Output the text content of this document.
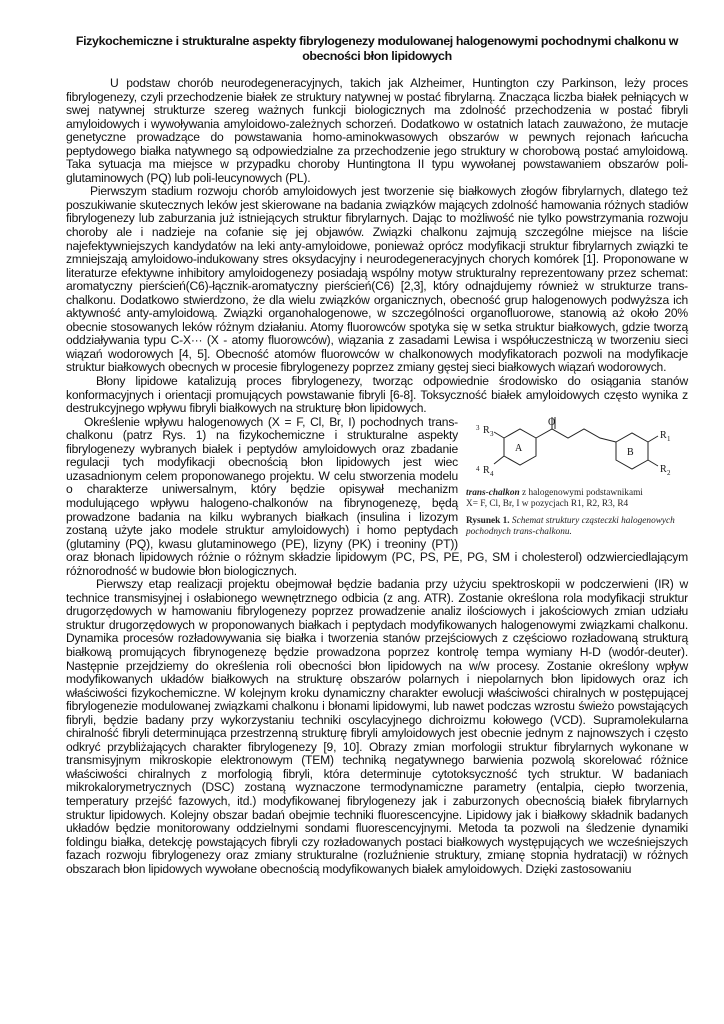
Fizykochemiczne i strukturalne aspekty fibrylogenezy modulowanej halogenowymi pochodnymi chalkonu w
obecności błon lipidowych

U podstaw chorób neurodegeneracyjnych, takich jak Alzheimer, Huntington czy Parkinson, leży proces fibrylogenezy, czyli przechodzenie białek ze struktury natywnej w postać fibrylarną. Znacząca liczba białek pełniących w swej natywnej strukturze szereg ważnych funkcji biologicznych ma zdolność przechodzenia w postać fibryli amyloidowych i wywoływania amyloidowo-zależnych schorzeń. Dodatkowo w ostatnich latach zauważono, że mutacje genetyczne prowadzące do powstawania homo-aminokwasowych obszarów w pewnych rejonach łańcucha peptydowego białka natywnego są odpowiedzialne za przechodzenie jego struktury w chorobową postać amyloidową. Taka sytuacja ma miejsce w przypadku choroby Huntingtona II typu wywołanej powstawaniem obszarów poli-glutaminowych (PQ) lub poli-leucynowych (PL).

Pierwszym stadium rozwoju chorób amyloidowych jest tworzenie się białkowych złogów fibrylarnych, dlatego też poszukiwanie skutecznych leków jest skierowane na badania związków mających zdolność hamowania różnych stadiów fibrylogenezy lub zaburzania już istniejących struktur fibrylarnych. Dając to możliwość nie tylko powstrzymania rozwoju choroby ale i nadzieje na cofanie się jej objawów. Związki chalkonu zajmują szczególne miejsce na liście najefektywniejszych kandydatów na leki anty-amyloidowe, ponieważ oprócz modyfikacji struktur fibrylarnych związki te zmniejszają amyloidowo-indukowany stres oksydacyjny i neurodegeneracyjnych chorych komórek [1]. Proponowane w literaturze efektywne inhibitory amyloidogenezy posiadają wspólny motyw strukturalny reprezentowany przez schemat: aromatyczny pierścień(C6)-łącznik-aromatyczny pierścień(C6) [2,3], który odnajdujemy również w strukturze trans-chalkonu. Dodatkowo stwierdzono, że dla wielu związków organicznych, obecność grup halogenowych podwyższa ich aktywność anty-amyloidową. Związki organohalogenowe, w szczególności organofluorowe, stanowią aż około 20% obecnie stosowanych leków różnym działaniu. Atomy fluorowców spotyka się w setka struktur białkowych, gdzie tworzą oddziaływania typu C-X··· (X - atomy fluorowców), wiązania z zasadami Lewisa i współuczestniczą w tworzeniu sieci wiązań wodorowych [4, 5]. Obecność atomów fluorowców w chalkonowych modyfikatorach pozwoli na modyfikacje struktur białkowych obecnych w procesie fibrylogenezy poprzez zmiany gęstej sieci białkowych wiązań wodorowych.

Błony lipidowe katalizują proces fibrylogenezy, tworząc odpowiednie środowisko do osiągania stanów konformacyjnych i orientacji promujących powstawanie fibryli [6-8]. Toksyczność białek amyloidowych często wynika z destrukcyjnego wpływu fibryli białkowych na strukturę błon lipidowych.

O
A	B
3 R
4 R
R 1
R 2
3
4
trans-chalkon z halogenowymi podstawnikami
X= F, Cl, Br, I w pozycjach R1, R2, R3, R4
Rysunek 1. Schemat struktury cząsteczki halogenowych pochodnych trans-chalkonu.

Określenie wpływu halogenowych (X = F, Cl, Br, I) pochodnych trans-chalkonu (patrz Rys. 1) na fizykochemiczne i strukturalne aspekty fibrylogenezy wybranych białek i peptydów amyloidowych oraz zbadanie regulacji tych modyfikacji obecnością błon lipidowych jest wiec uzasadnionym celem proponowanego projektu. W celu stworzenia modelu o charakterze uniwersalnym, który będzie opisywał mechanizm modulującego wpływu halogeno-chalkonów na fibrynogenezę, będą prowadzone badania na kilku wybranych białkach (insulina i lizozym zostaną użyte jako modele struktur amyloidowych) i homo peptydach (glutaminy (PQ), kwasu glutaminowego (PE), lizyny (PK) i treoniny (PT)) oraz błonach lipidowych różnie o różnym składzie lipidowym (PC, PS, PE, PG, SM i cholesterol) odzwierciedlającym różnorodność w budowie błon biologicznych.

Pierwszy etap realizacji projektu obejmował będzie badania przy użyciu spektroskopii w podczerwieni (IR) w technice transmisyjnej i osłabionego wewnętrznego odbicia (z ang. ATR). Zostanie określona rola modyfikacji struktur drugorzędowych w hamowaniu fibrylogenezy poprzez prowadzenie analiz ilościowych i jakościowych zmian udziału struktur drugorzędowych w proponowanych białkach i peptydach modyfikowanych halogenowymi związkami chalkonu. Dynamika procesów rozładowywania się białka i tworzenia stanów przejściowych z częściowo rozładowaną strukturą białkową promujących fibrynogenezę będzie prowadzona poprzez kontrolę tempa wymiany H-D (wodór-deuter). Następnie przejdziemy do określenia roli obecności błon lipidowych na w/w procesy. Zostanie określony wpływ modyfikowanych układów białkowych na strukturę obszarów polarnych i niepolarnych błon lipidowych oraz ich właściwości fizykochemiczne. W kolejnym kroku dynamiczny charakter ewolucji właściwości chiralnych w postępującej fibrylogenezie modulowanej związkami chalkonu i błonami lipidowymi, lub nawet podczas wzrostu świeżo powstających fibryli, będzie badany przy wykorzystaniu techniki oscylacyjnego dichroizmu kołowego (VCD). Supramolekularna chiralność fibryli determinująca przestrzenną strukturę fibryli amyloidowych jest obecnie jednym z najnowszych i często odkryć przybliżających charakter fibrylogenezy [9, 10]. Obrazy zmian morfologii struktur fibrylarnych wykonane w transmisyjnym mikroskopie elektronowym (TEM) techniką negatywnego barwienia pozwolą skorelować różnice właściwości chiralnych z morfologią fibryli, która determinuje cytotoksyczność tych struktur. W badaniach mikrokalorymetrycznych (DSC) zostaną wyznaczone termodynamiczne parametry (entalpia, ciepło tworzenia, temperatury przejść fazowych, itd.) modyfikowanej fibrylogenezy jak i zaburzonych obecnością białek fibrylarnych struktur lipidowych. Kolejny obszar badań obejmie techniki fluorescencyjne. Lipidowy jak i białkowy składnik badanych układów będzie monitorowany oddzielnymi sondami fluorescencyjnymi. Metoda ta pozwoli na śledzenie dynamiki foldingu białka, detekcję powstających fibryli czy rozładowanych postaci białkowych występujących we wcześniejszych fazach rozwoju fibrylogenezy oraz zmiany strukturalne (rozluźnienie struktury, zmianę stopnia hydratacji) w różnych obszarach błon lipidowych wywołane obecnością modyfikowanych białek amyloidowych. Dzięki zastosowaniu
